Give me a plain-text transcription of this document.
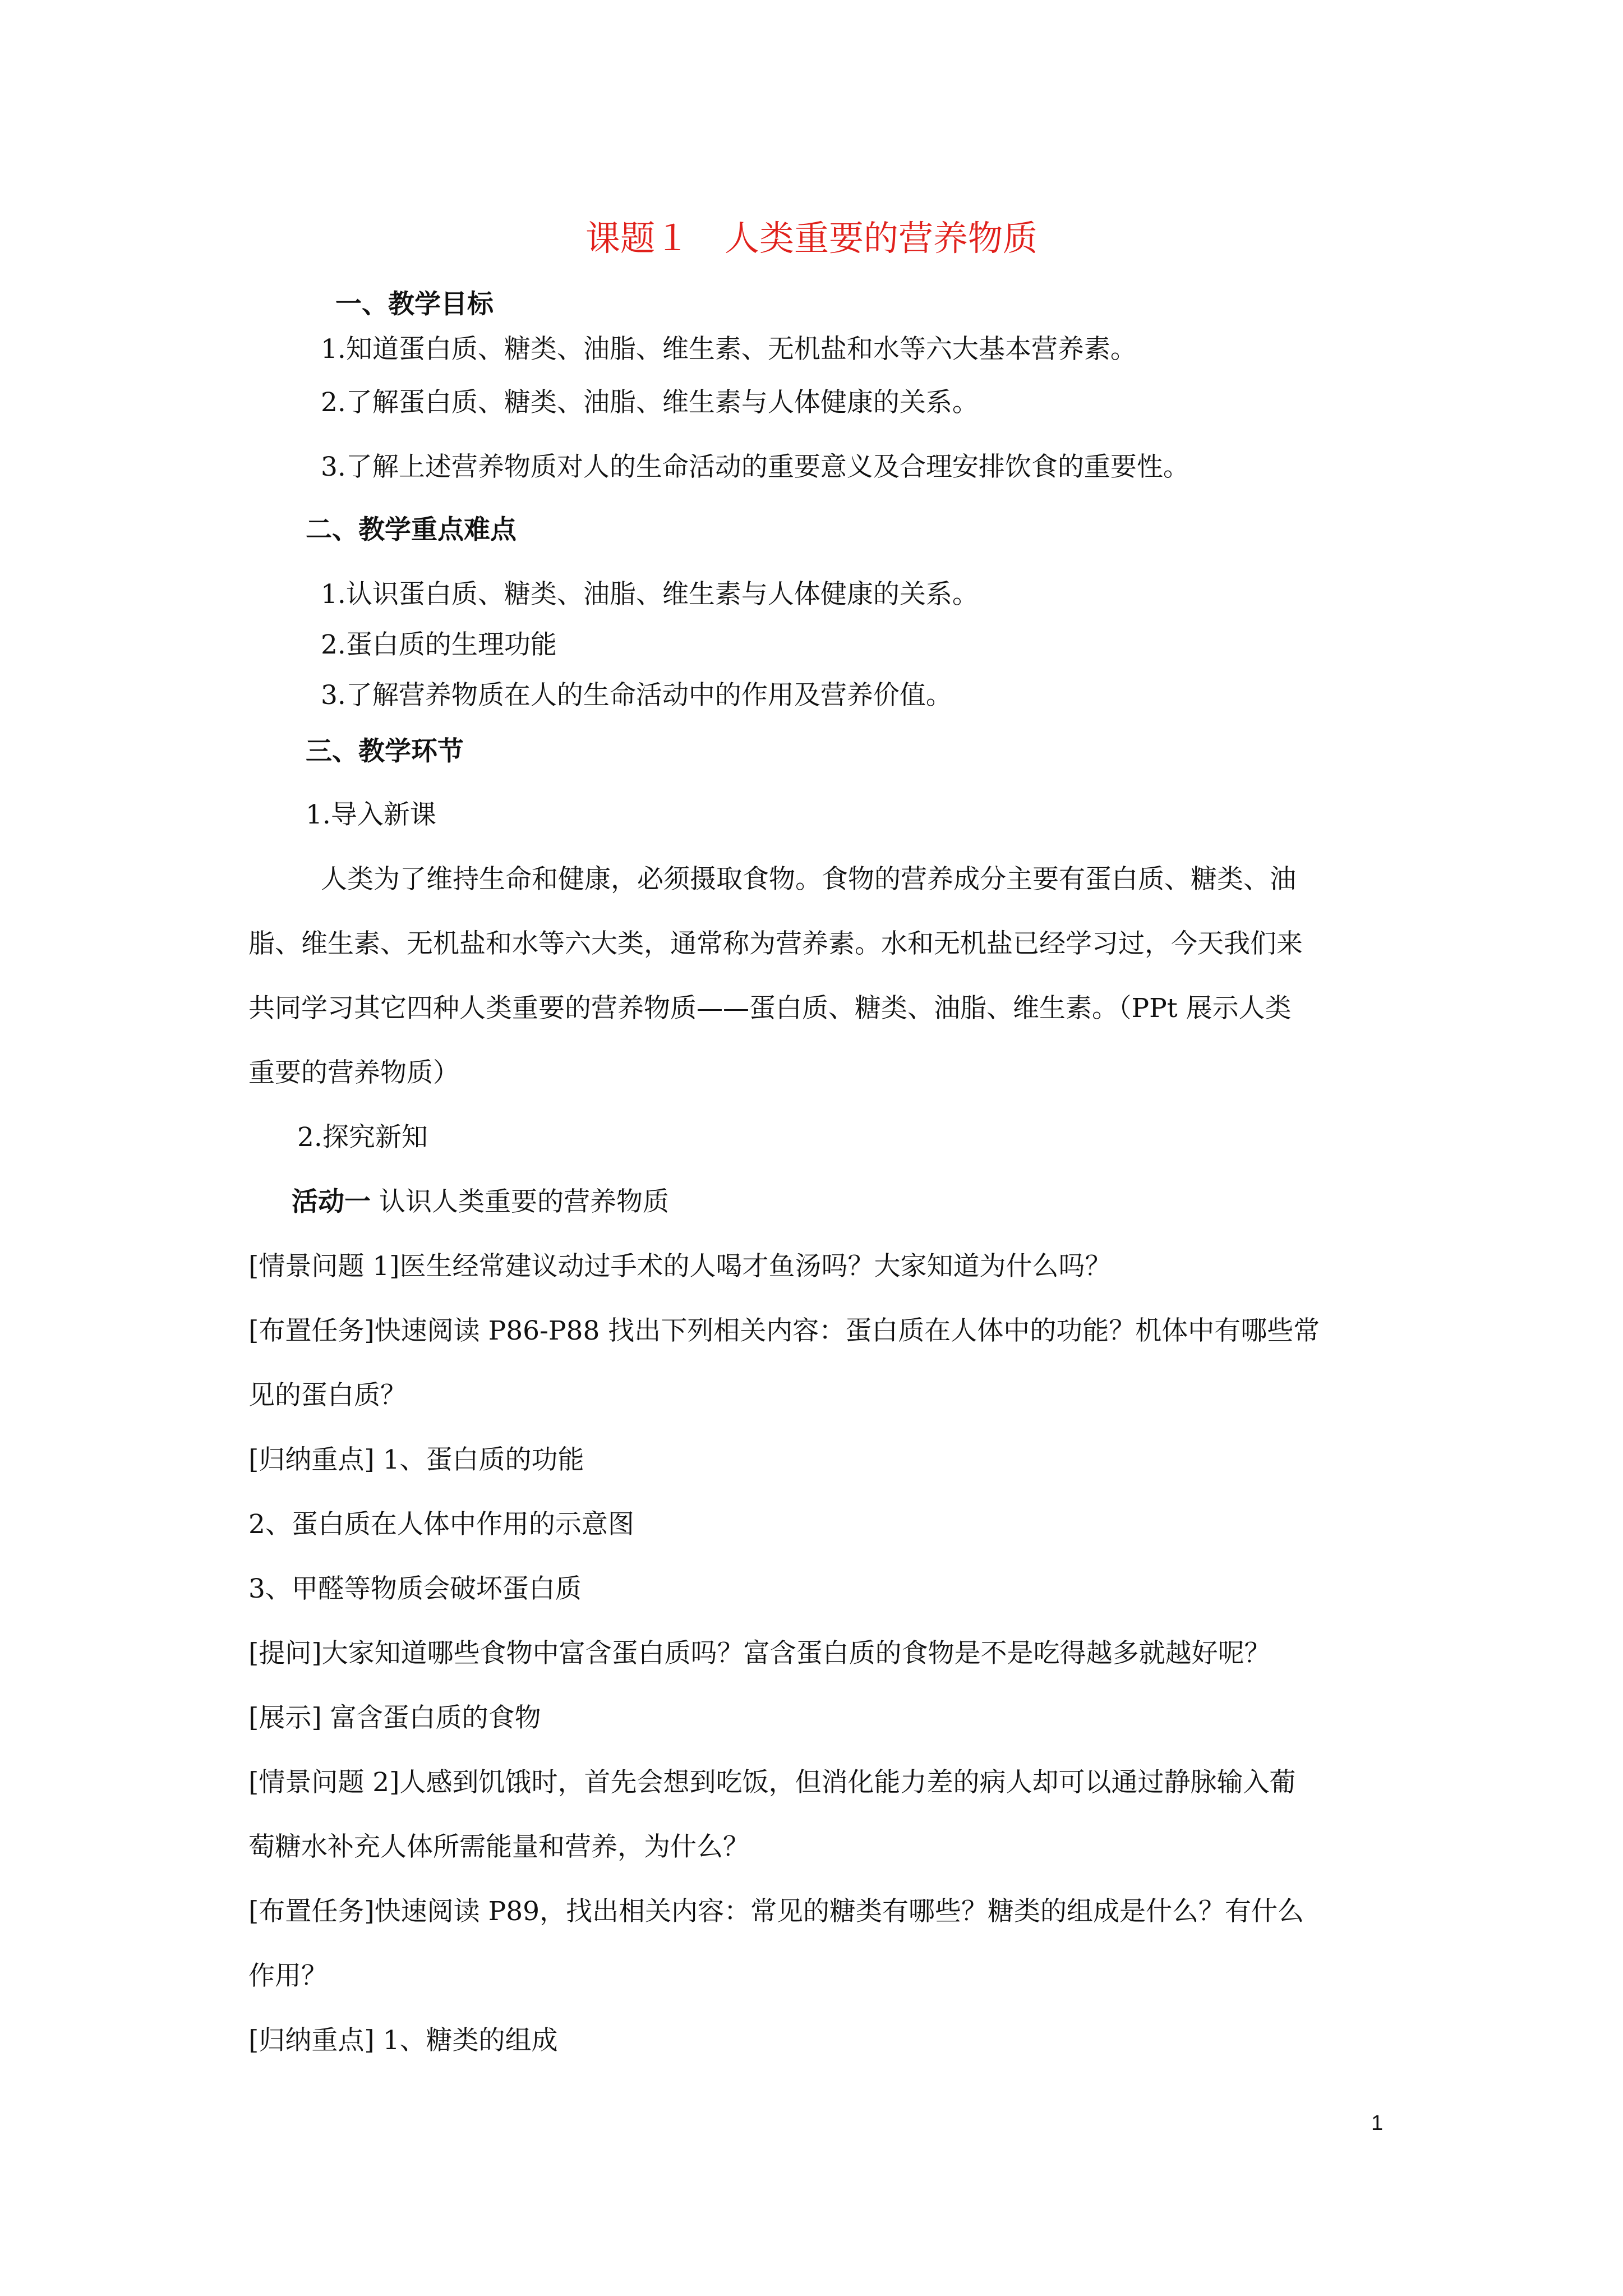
课题１　人类重要的营养物质
一、教学目标
1.知道蛋白质、糖类、油脂、维生素、无机盐和水等六大基本营养素。
2.了解蛋白质、糖类、油脂、维生素与人体健康的关系。
3.了解上述营养物质对人的生命活动的重要意义及合理安排饮食的重要性。
二、教学重点难点
1.认识蛋白质、糖类、油脂、维生素与人体健康的关系。
2.蛋白质的生理功能
3.了解营养物质在人的生命活动中的作用及营养价值。
三、教学环节
1.导入新课
人类为了维持生命和健康，必须摄取食物。食物的营养成分主要有蛋白质、糖类、油
脂、维生素、无机盐和水等六大类，通常称为营养素。水和无机盐已经学习过，今天我们来
共同学习其它四种人类重要的营养物质——蛋白质、糖类、油脂、维生素。（PPt 展示人类
重要的营养物质）
2.探究新知
活动一 认识人类重要的营养物质
[情景问题 1]医生经常建议动过手术的人喝才鱼汤吗？大家知道为什么吗？
[布置任务]快速阅读 P86-P88 找出下列相关内容：蛋白质在人体中的功能？机体中有哪些常
见的蛋白质？
[归纳重点] 1、蛋白质的功能
2、蛋白质在人体中作用的示意图
3、甲醛等物质会破坏蛋白质
[提问]大家知道哪些食物中富含蛋白质吗？富含蛋白质的食物是不是吃得越多就越好呢？
[展示] 富含蛋白质的食物
[情景问题 2]人感到饥饿时，首先会想到吃饭，但消化能力差的病人却可以通过静脉输入葡
萄糖水补充人体所需能量和营养，为什么？
[布置任务]快速阅读 P89，找出相关内容：常见的糖类有哪些？糖类的组成是什么？有什么
作用？
[归纳重点] 1、糖类的组成
1
